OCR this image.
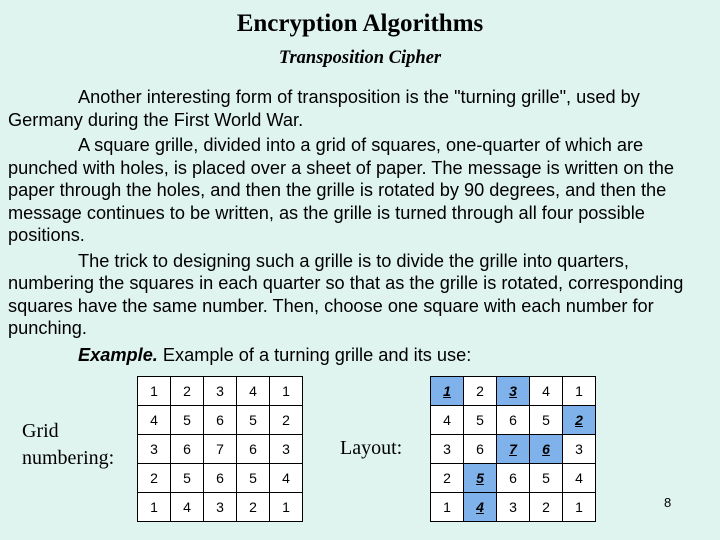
Encryption Algorithms
Transposition Cipher

Another interesting form of transposition is the "turning grille", used by Germany during the First World War.

A square grille, divided into a grid of squares, one-quarter of which are punched with holes, is placed over a sheet of paper. The message is written on the paper through the holes, and then the grille is rotated by 90 degrees, and then the message continues to be written, as the grille is turned through all four possible positions.

The trick to designing such a grille is to divide the grille into quarters, numbering the squares in each quarter so that as the grille is rotated, corresponding squares have the same number. Then, choose one square with each number for punching.

Example. Example of a turning grille and its use:
Grid
numbering:
1	2	3	4	1
4	5	6	5	2
3	6	7	6	3
2	5	6	5	4
1	4	3	2	1
Layout:
1	2	3	4	1
4	5	6	5	2
3	6	7	6	3
2	5	6	5	4
1	4	3	2	1	8
